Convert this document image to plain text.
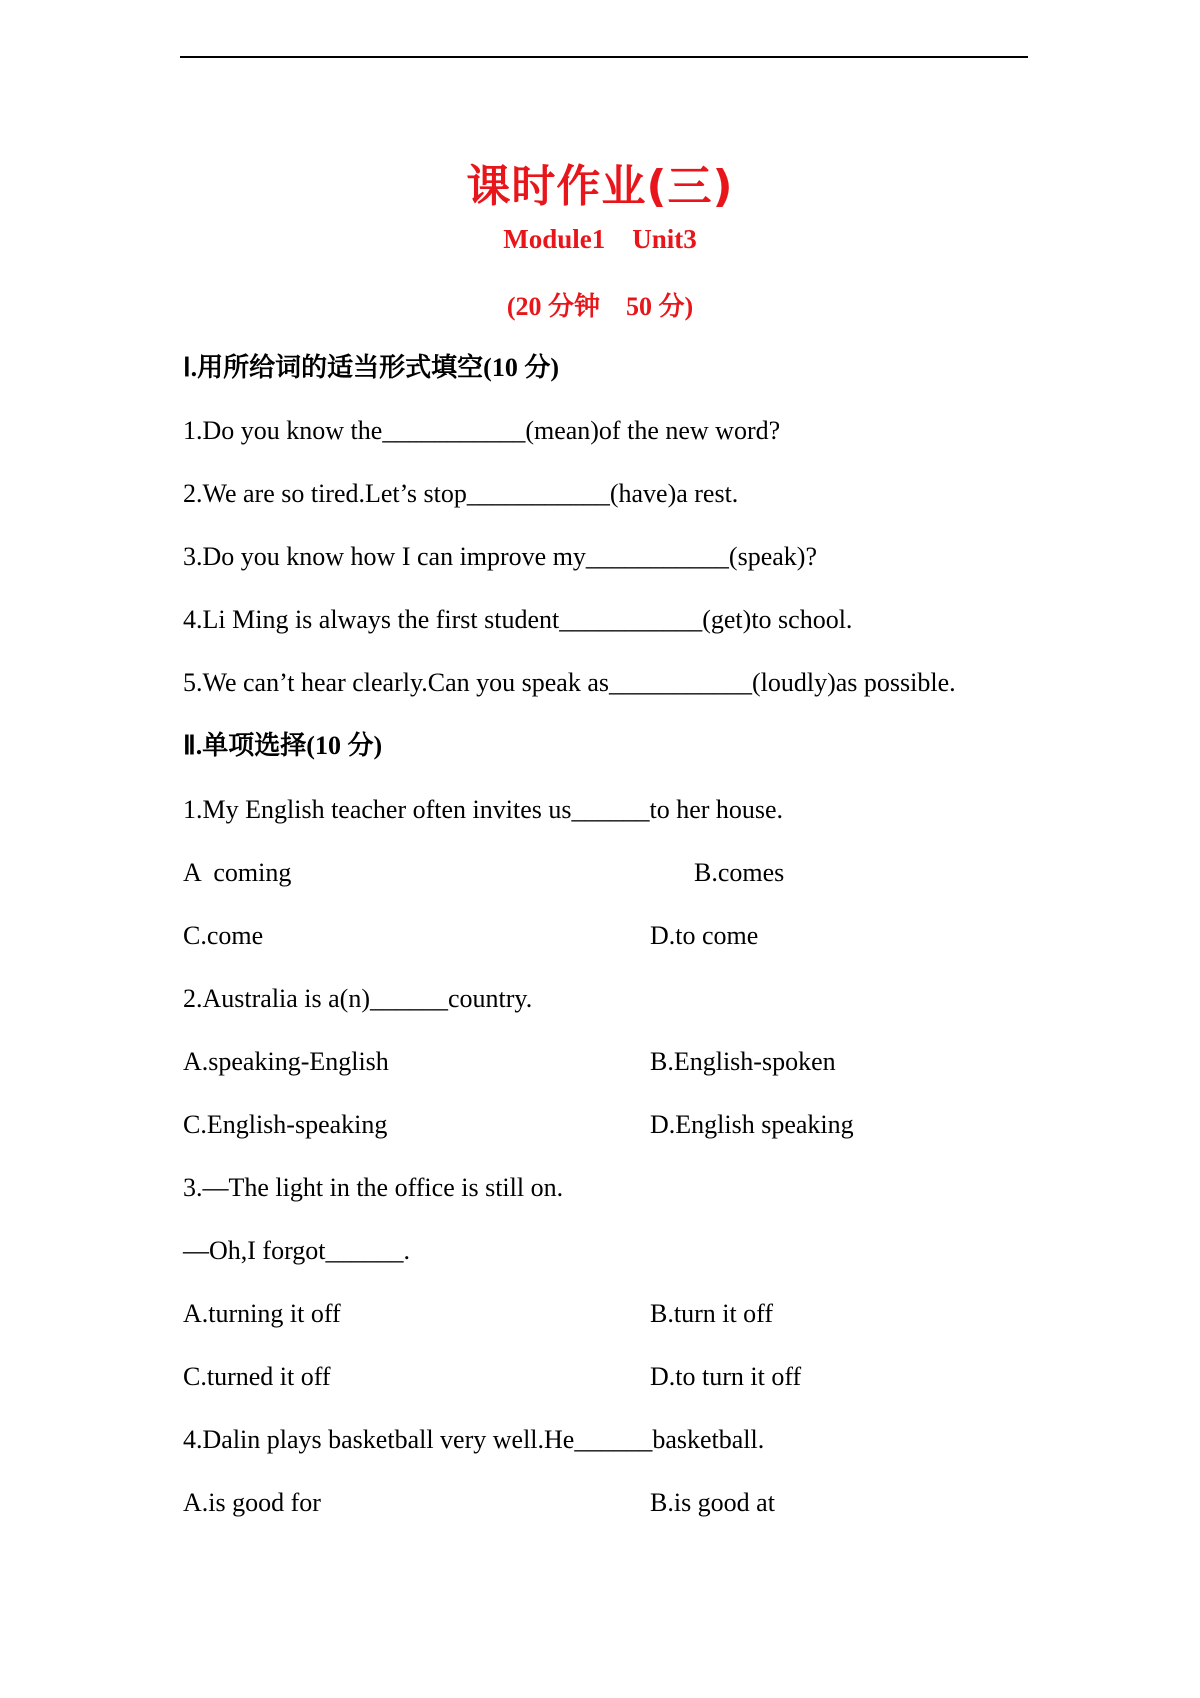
课时作业(三)
Module1    Unit3
(20 分钟    50 分)
Ⅰ.用所给词的适当形式填空(10 分)
1.Do you know the___________(mean)of the new word?
2.We are so tired.Let’s stop___________(have)a rest.
3.Do you know how I can improve my___________(speak)?
4.Li Ming is always the first student___________(get)to school.
5.We can’t hear clearly.Can you speak as___________(loudly)as possible.
Ⅱ.单项选择(10 分)
1.My English teacher often invites us______to her house.
A  coming	B.comes
C.come	D.to come
2.Australia is a(n)______country.
A.speaking-English	B.English-spoken
C.English-speaking	D.English speaking
3.—The light in the office is still on.
—Oh,I forgot______.
A.turning it off	B.turn it off
C.turned it off	D.to turn it off
4.Dalin plays basketball very well.He______basketball.
A.is good for	B.is good at
